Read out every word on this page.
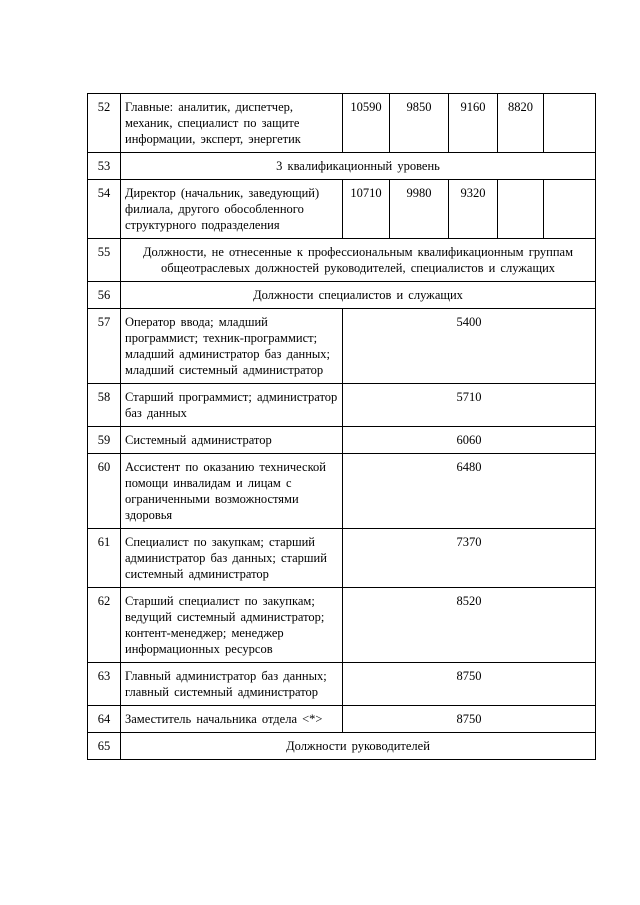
52	Главные: аналитик, диспетчер, механик, специалист по защите информации, эксперт, энергетик	10590	9850	9160	8820	
53	3 квалификационный уровень					
54	Директор (начальник, заведующий) филиала, другого обособленного структурного подразделения	10710	9980	9320		
55	Должности, не отнесенные к профессиональным квалификационным группам общеотраслевых должностей руководителей, специалистов и служащих					
56	Должности специалистов и служащих					
57	Оператор ввода; младший программист; техник-программист; младший администратор баз данных; младший системный администратор	5400				
58	Старший программист; администратор баз данных	5710				
59	Системный администратор	6060				
60	Ассистент по оказанию технической помощи инвалидам и лицам с ограниченными возможностями здоровья	6480				
61	Специалист по закупкам; старший администратор баз данных; старший системный администратор	7370				
62	Старший специалист по закупкам; ведущий системный администратор; контент-менеджер; менеджер информационных ресурсов	8520				
63	Главный администратор баз данных; главный системный администратор	8750				
64	Заместитель начальника отдела <*>	8750				
65	Должности руководителей					
